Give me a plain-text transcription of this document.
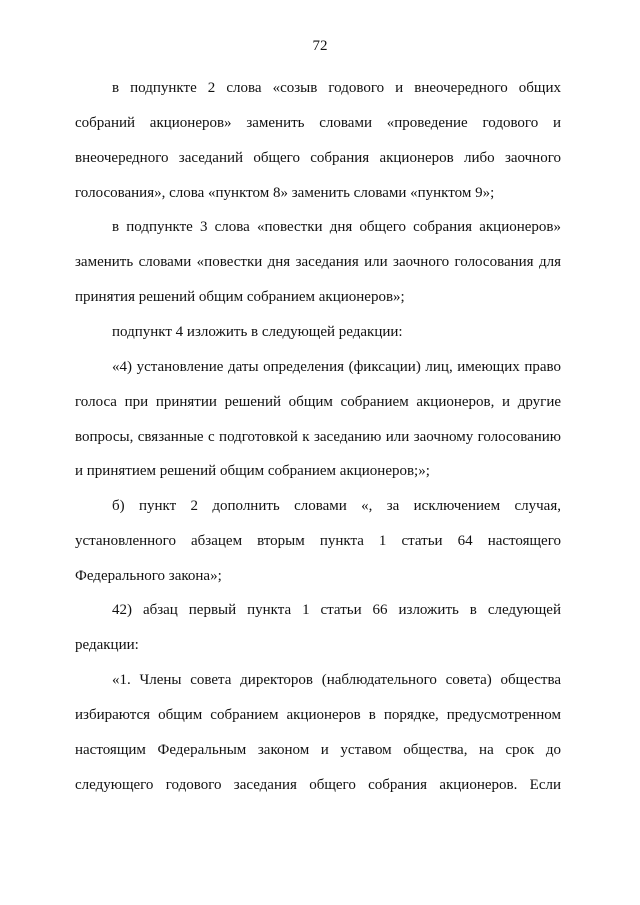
72
в подпункте 2 слова «созыв годового и внеочередного общих
собраний акционеров» заменить словами «проведение годового и
внеочередного заседаний общего собрания акционеров либо заочного
голосования», слова «пунктом 8» заменить словами «пунктом 9»;
в подпункте 3 слова «повестки дня общего собрания акционеров»
заменить словами «повестки дня заседания или заочного голосования для
принятия решений общим собранием акционеров»;
подпункт 4 изложить в следующей редакции:
«4) установление даты определения (фиксации) лиц, имеющих право
голоса при принятии решений общим собранием акционеров, и другие
вопросы, связанные с подготовкой к заседанию или заочному голосованию
и принятием решений общим собранием акционеров;»;
б) пункт 2 дополнить словами «, за исключением случая,
установленного абзацем вторым пункта 1 статьи 64 настоящего
Федерального закона»;
42) абзац первый пункта 1 статьи 66 изложить в следующей
редакции:
«1. Члены совета директоров (наблюдательного совета) общества
избираются общим собранием акционеров в порядке, предусмотренном
настоящим Федеральным законом и уставом общества, на срок до
следующего годового заседания общего собрания акционеров. Если
